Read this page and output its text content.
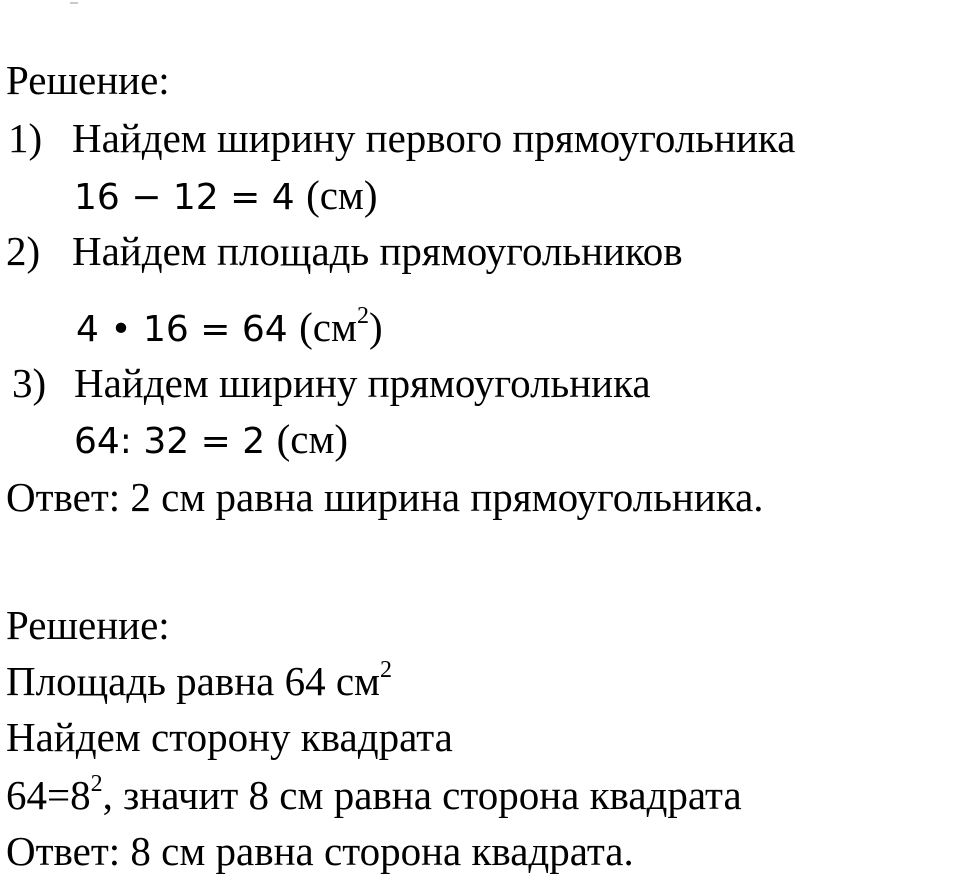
Решение:
1) Найдем ширину первого прямоугольника
16 − 12 = 4 (см)
2) Найдем площадь прямоугольников
4 • 16 = 64 $(см^2)$
3) Найдем ширину прямоугольника
64: 32 = 2 (см)
Ответ: 2 см равна ширина прямоугольника.
Решение:
Площадь равна 64 $см^2$
Найдем сторону квадрата
$64=8^2$, значит 8 см равна сторона квадрата
Ответ: 8 см равна сторона квадрата.
